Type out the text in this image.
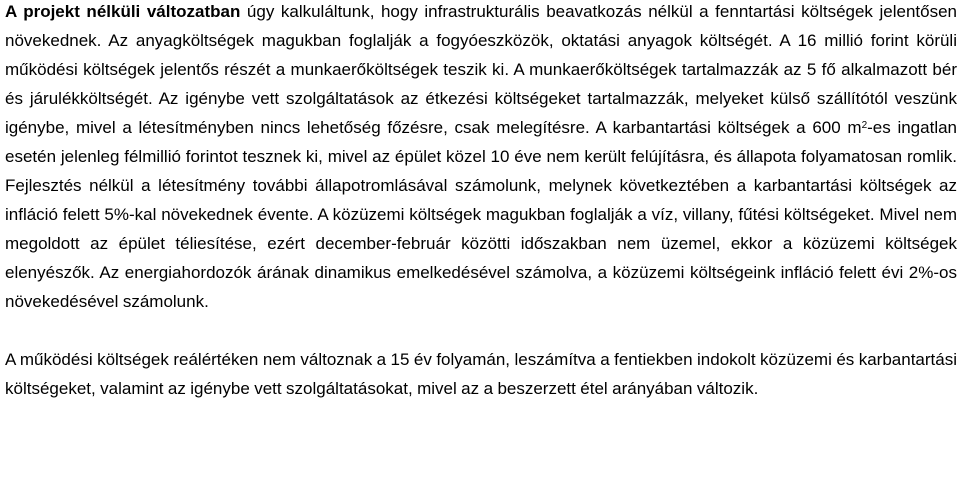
A projekt nélküli változatban úgy kalkuláltunk, hogy infrastrukturális beavatkozás nélkül a fenntartási költségek jelentősen növekednek. Az anyagköltségek magukban foglalják a fogyóeszközök, oktatási anyagok költségét. A 16 millió forint körüli működési költségek jelentős részét a munkaerőköltségek teszik ki. A munkaerőköltségek tartalmazzák az 5 fő alkalmazott bér és járulékköltségét. Az igénybe vett szolgáltatások az étkezési költségeket tartalmazzák, melyeket külső szállítótól veszünk igénybe, mivel a létesítményben nincs lehetőség főzésre, csak melegítésre. A karbantartási költségek a 600 $m^2-es$ ingatlan esetén jelenleg félmillió forintot tesznek ki, mivel az épület közel 10 éve nem került felújításra, és állapota folyamatosan romlik. Fejlesztés nélkül a létesítmény további állapotromlásával számolunk, melynek következtében a karbantartási költségek az infláció felett 5%-kal növekednek évente. A közüzemi költségek magukban foglalják a víz, villany, fűtési költségeket. Mivel nem megoldott az épület téliesítése, ezért december-február közötti időszakban nem üzemel, ekkor a közüzemi költségek elenyészők. Az energiahordozók árának dinamikus emelkedésével számolva, a közüzemi költségeink infláció felett évi 2%-os növekedésével számolunk.

A működési költségek reálértéken nem változnak a 15 év folyamán, leszámítva a fentiekben indokolt közüzemi és karbantartási költségeket, valamint az igénybe vett szolgáltatásokat, mivel az a beszerzett étel arányában változik.
